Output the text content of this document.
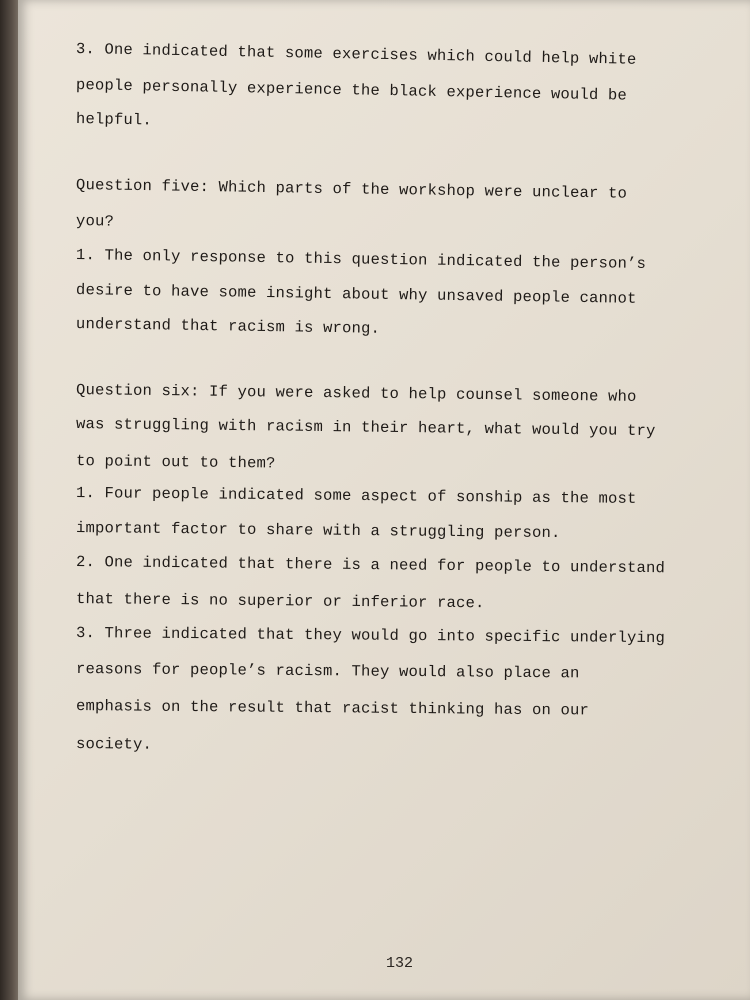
3. One indicated that some exercises which could help white

people personally experience the black experience would be

helpful.

Question five: Which parts of the workshop were unclear to

you?

1. The only response to this question indicated the person’s

desire to have some insight about why unsaved people cannot

understand that racism is wrong.

Question six: If you were asked to help counsel someone who

was struggling with racism in their heart, what would you try

to point out to them?

1. Four people indicated some aspect of sonship as the most

important factor to share with a struggling person.

2. One indicated that there is a need for people to understand

that there is no superior or inferior race.

3. Three indicated that they would go into specific underlying

reasons for people’s racism. They would also place an

emphasis on the result that racist thinking has on our

society.

132
